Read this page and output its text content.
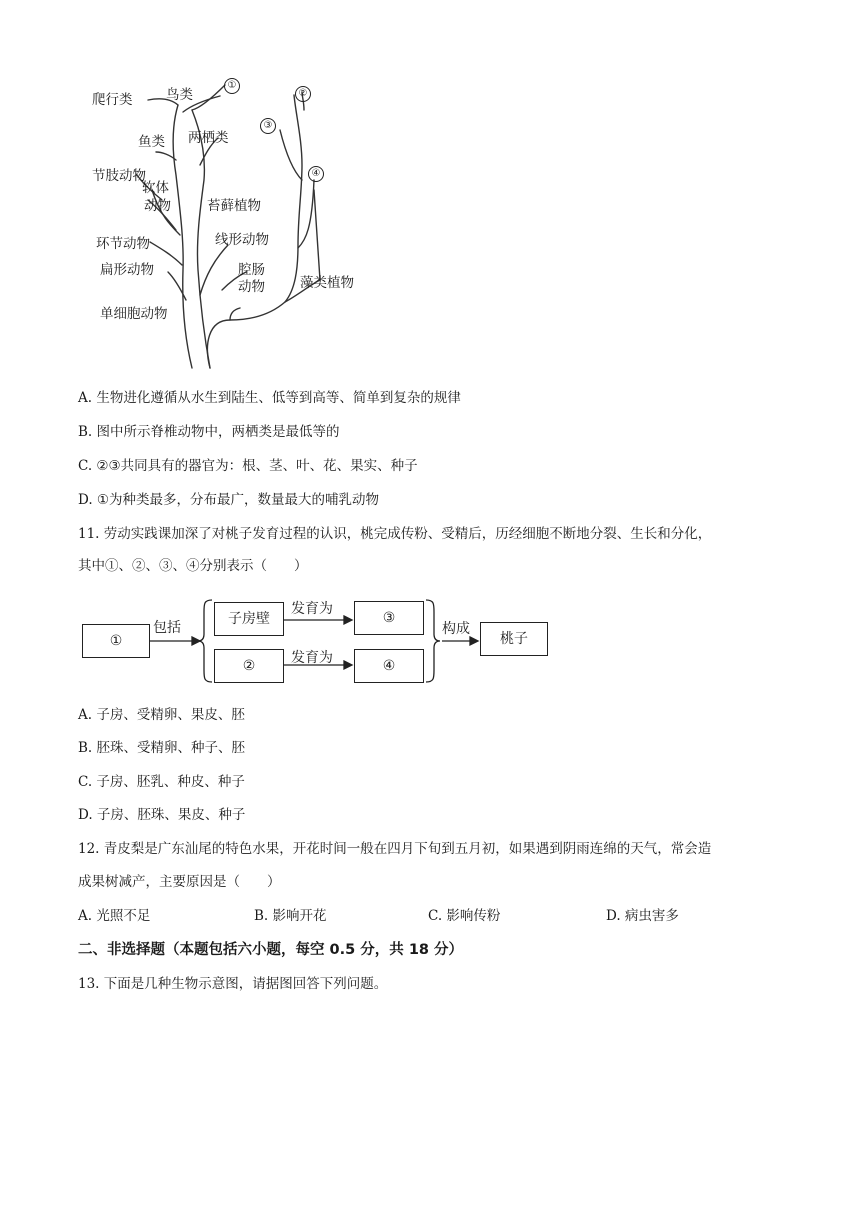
爬行类 鸟类
①
鱼类 两栖类
节肢动物
软体
动物
环节动物
扁形动物
单细胞动物
②
③
④
苔藓植物
线形动物
腔肠
动物	藻类植物
A. 生物进化遵循从水生到陆生、低等到高等、简单到复杂的规律
B. 图中所示脊椎动物中，两栖类是最低等的
C. ②③共同具有的器官为：根、茎、叶、花、果实、种子
D. ①为种类最多，分布最广，数量最大的哺乳动物
11. 劳动实践课加深了对桃子发育过程的认识，桃完成传粉、受精后，历经细胞不断地分裂、生长和分化，
其中①、②、③、④分别表示（　　）
①
包括
子房壁
发育为
③
②	发育为	④
构成
桃子
A. 子房、受精卵、果皮、胚
B. 胚珠、受精卵、种子、胚
C. 子房、胚乳、种皮、种子
D. 子房、胚珠、果皮、种子
12. 青皮梨是广东汕尾的特色水果，开花时间一般在四月下旬到五月初，如果遇到阴雨连绵的天气，常会造
成果树减产，主要原因是（　　）
A. 光照不足	B. 影响开花	C. 影响传粉	D. 病虫害多
二、非选择题（本题包括六小题，每空 0.5 分，共 18 分）
13. 下面是几种生物示意图，请据图回答下列问题。
